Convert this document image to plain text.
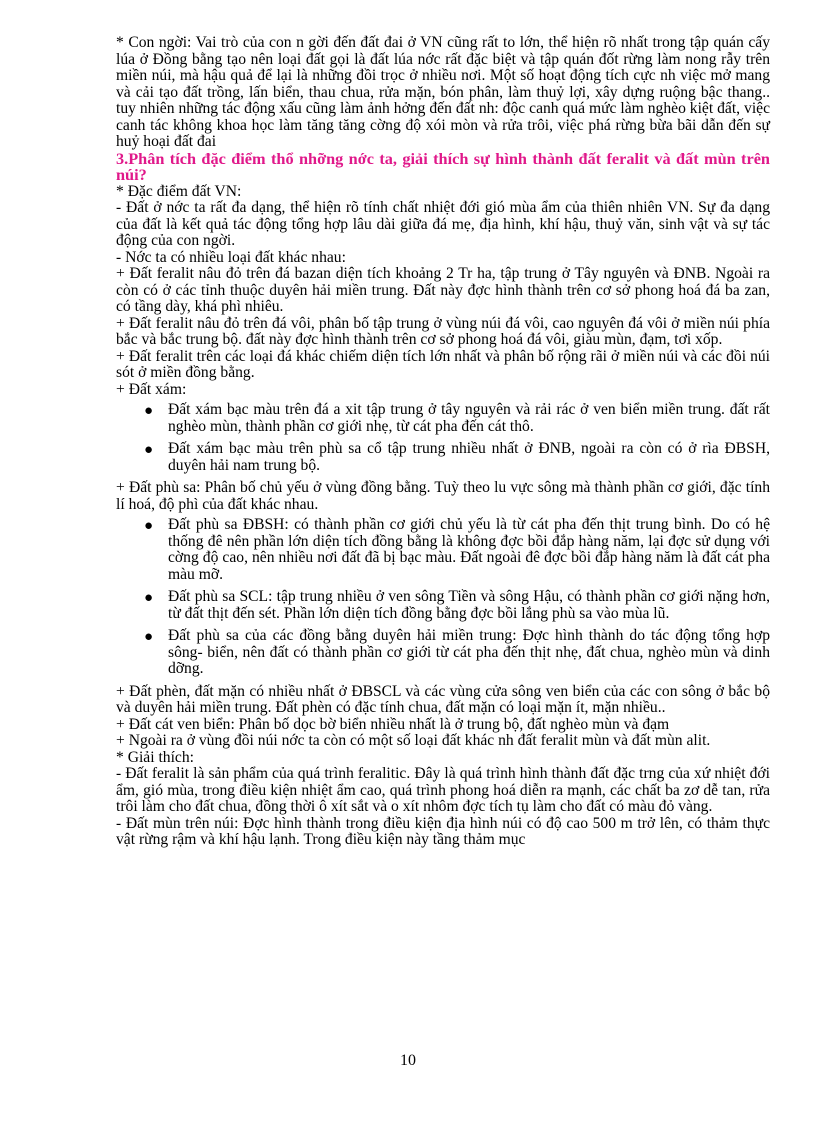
* Con ngời: Vai trò của con n gời đến đất đai ở VN cũng rất to lớn, thể hiện rõ nhất trong tập quán cấy lúa ở Đồng bằng tạo nên loại đất gọi là đất lúa nớc rất đặc biệt và tập quán đốt rừng làm nong rẫy trên miền núi, mà hậu quả để lại là những đồi trọc ở nhiều nơi. Một số hoạt động tích cực nh việc mở mang và cải tạo đất trồng, lấn biển, thau chua, rửa mặn, bón phân, làm thuỷ lợi, xây dựng ruộng bậc thang.. tuy nhiên những tác động xấu cũng làm ảnh hởng đến đất nh: độc canh quá mức làm nghèo kiệt đất, việc canh tác không khoa học làm tăng tăng cờng độ xói mòn và rửa trôi, việc phá rừng bừa bãi dẫn đến sự huỷ hoại đất đai

3.Phân tích đặc điểm thổ nhỡng nớc ta, giải thích sự hình thành đất feralit và đất mùn trên núi?

* Đặc điểm đất VN:

- Đất ở nớc ta rất đa dạng, thể hiện rõ tính chất nhiệt đới gió mùa ẩm của thiên nhiên VN. Sự đa dạng của đất là kết quả tác động tổng hợp lâu dài giữa đá mẹ, địa hình, khí hậu, thuỷ văn, sinh vật và sự tác động của con ngời.

- Nớc ta có nhiều loại đất khác nhau:

+ Đất feralit nâu đỏ trên đá bazan diện tích khoảng 2 Tr ha, tập trung ở Tây nguyên và ĐNB. Ngoài ra còn có ở các tỉnh thuộc duyên hải miền trung. Đất này đợc hình thành trên cơ sở phong hoá đá ba zan, có tầng dày, khá phì nhiêu.

+ Đất feralit nâu đỏ trên đá vôi, phân bố tập trung ở vùng núi đá vôi, cao nguyên đá vôi ở miền núi phía bắc và bắc trung bộ. đất này đợc hình thành trên cơ sở phong hoá đá vôi, giàu mùn, đạm, tơi xốp.

+ Đất feralit trên các loại đá khác chiếm diện tích lớn nhất và phân bố rộng rãi ở miền núi và các đồi núi sót ở miền đồng bằng.

+ Đất xám:

● Đất xám bạc màu trên đá a xit tập trung ở tây nguyên và rải rác ở ven biển miền trung. đất rất nghèo mùn, thành phần cơ giới nhẹ, từ cát pha đến cát thô.
● Đất xám bạc màu trên phù sa cổ tập trung nhiều nhất ở ĐNB, ngoài ra còn có ở rìa ĐBSH, duyên hải nam trung bộ.

+ Đất phù sa: Phân bố chủ yếu ở vùng đồng bằng. Tuỳ theo lu vực sông mà thành phần cơ giới, đặc tính lí hoá, độ phì của đất khác nhau.

● Đất phù sa ĐBSH: có thành phần cơ giới chủ yếu là từ cát pha đến thịt trung bình. Do có hệ thống đê nên phần lớn diện tích đồng bằng là không đợc bồi đắp hàng năm, lại đợc sử dụng với cờng độ cao, nên nhiều nơi đất đã bị bạc màu. Đất ngoài đê đợc bồi đắp hàng năm là đất cát pha màu mỡ.
● Đất phù sa SCL: tập trung nhiều ở ven sông Tiền và sông Hậu, có thành phần cơ giới nặng hơn, từ đất thịt đến sét. Phần lớn diện tích đồng bằng đợc bồi lắng phù sa vào mùa lũ.
● Đất phù sa của các đồng bằng duyên hải miền trung: Đợc hình thành do tác động tổng hợp sông- biển, nên đất có thành phần cơ giới từ cát pha đến thịt nhẹ, đất chua, nghèo mùn và dinh dỡng.

+ Đất phèn, đất mặn có nhiều nhất ở ĐBSCL và các vùng cửa sông ven biển của các con sông ở bắc bộ và duyên hải miền trung. Đất phèn có đặc tính chua, đất mặn có loại mặn ít, mặn nhiều..

+ Đất cát ven biển: Phân bố dọc bờ biển nhiều nhất là ở trung bộ, đất nghèo mùn và đạm

+ Ngoài ra ở vùng đồi núi nớc ta còn có một số loại đất khác nh đất feralit mùn và đất mùn alit.

* Giải thích:

- Đất feralit là sản phẩm của quá trình feralitic. Đây là quá trình hình thành đất đặc trng của xứ nhiệt đới ẩm, gió mùa, trong điều kiện nhiệt ẩm cao, quá trình phong hoá diễn ra mạnh, các chất ba zơ dễ tan, rửa trôi làm cho đất chua, đồng thời ô xít sắt và o xít nhôm đợc tích tụ làm cho đất có màu đỏ vàng.

- Đất mùn trên núi: Đợc hình thành trong điều kiện địa hình núi có độ cao 500 m trở lên, có thảm thực vật rừng rậm và khí hậu lạnh. Trong điều kiện này tầng thảm mục

10
